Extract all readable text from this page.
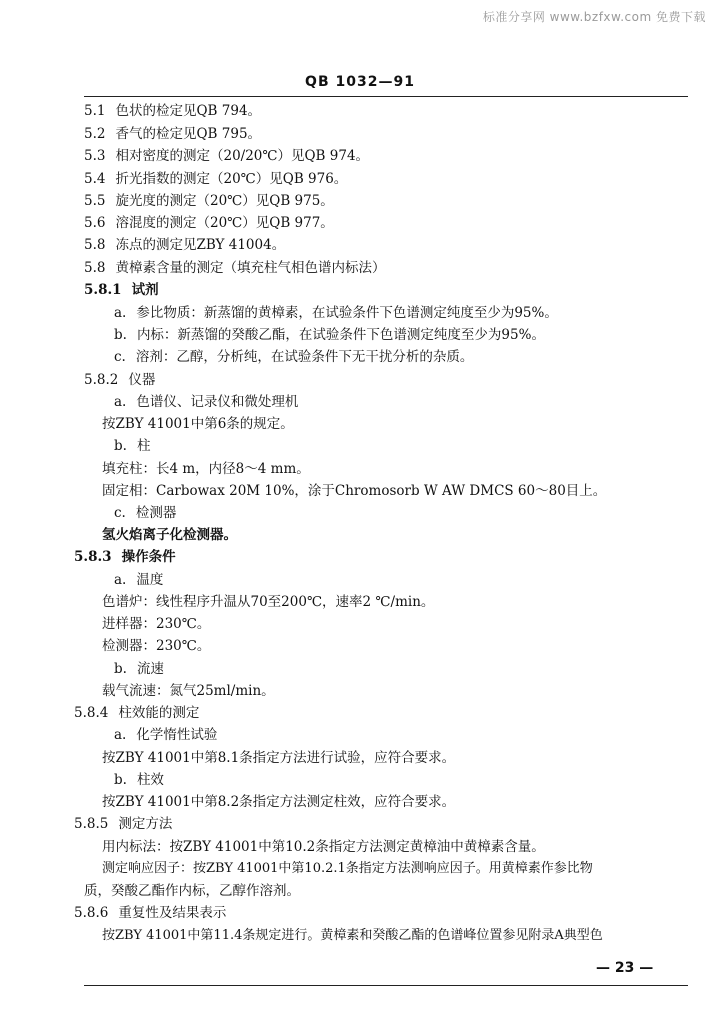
标准分享网 www.bzfxw.com 免费下载
QB 1032—91
5.1 色状的检定见QB 794。
5.2 香气的检定见QB 795。
5.3 相对密度的测定（20/20℃）见QB 974。
5.4 折光指数的测定（20℃）见QB 976。
5.5 旋光度的测定（20℃）见QB 975。
5.6 溶混度的测定（20℃）见QB 977。
5.8 冻点的测定见ZBY 41004。
5.8 黄樟素含量的测定（填充柱气相色谱内标法）
5.8.1 试剂
a. 参比物质：新蒸馏的黄樟素，在试验条件下色谱测定纯度至少为95%。
b. 内标：新蒸馏的癸酸乙酯，在试验条件下色谱测定纯度至少为95%。
c. 溶剂：乙醇，分析纯，在试验条件下无干扰分析的杂质。
5.8.2 仪器
a. 色谱仪、记录仪和微处理机
按ZBY 41001中第6条的规定。
b. 柱
填充柱：长4 m，内径8～4 mm。
固定相：Carbowax 20M 10%，涂于Chromosorb W AW DMCS 60～80目上。
c. 检测器
氢火焰离子化检测器。
5.8.3 操作条件
a. 温度
色谱炉：线性程序升温从70至200℃，速率2 ℃/min。
进样器：230℃。
检测器：230℃。
b. 流速
载气流速：氮气25ml/min。
5.8.4 柱效能的测定
a. 化学惰性试验
按ZBY 41001中第8.1条指定方法进行试验，应符合要求。
b. 柱效
按ZBY 41001中第8.2条指定方法测定柱效，应符合要求。
5.8.5 测定方法
用内标法：按ZBY 41001中第10.2条指定方法测定黄樟油中黄樟素含量。
测定响应因子：按ZBY 41001中第10.2.1条指定方法测响应因子。用黄樟素作参比物
质，癸酸乙酯作内标，乙醇作溶剂。
5.8.6 重复性及结果表示
按ZBY 41001中第11.4条规定进行。黄樟素和癸酸乙酯的色谱峰位置参见附录A典型色
— 23 —
